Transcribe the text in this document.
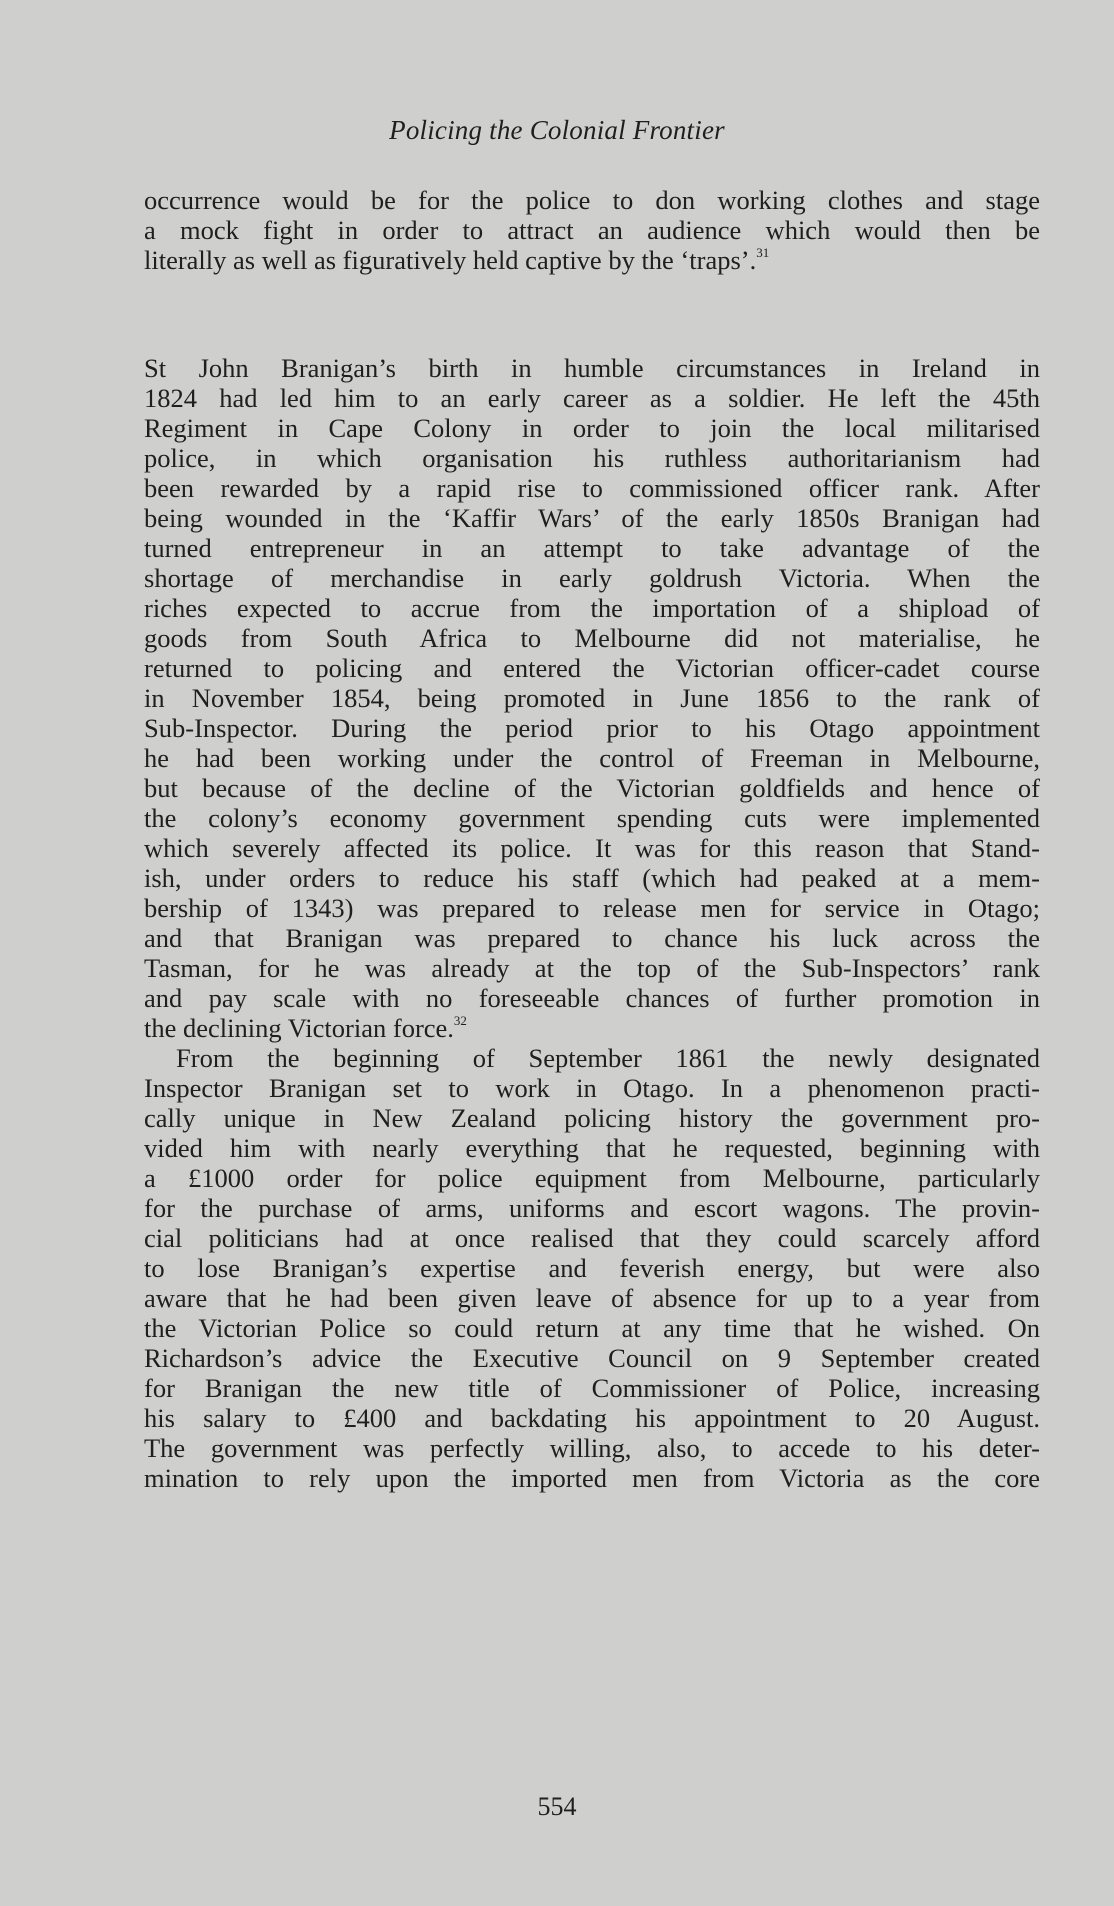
Policing the Colonial Frontier
occurrence would be for the police to don working clothes and stage
a mock fight in order to attract an audience which would then be
literally as well as figuratively held captive by the ‘traps’.$^{31}$
St John Branigan’s birth in humble circumstances in Ireland in
1824 had led him to an early career as a soldier. He left the 45th
Regiment in Cape Colony in order to join the local militarised
police, in which organisation his ruthless authoritarianism had
been rewarded by a rapid rise to commissioned officer rank. After
being wounded in the ‘Kaffir Wars’ of the early 1850s Branigan had
turned entrepreneur in an attempt to take advantage of the
shortage of merchandise in early goldrush Victoria. When the
riches expected to accrue from the importation of a shipload of
goods from South Africa to Melbourne did not materialise, he
returned to policing and entered the Victorian officer-cadet course
in November 1854, being promoted in June 1856 to the rank of
Sub-Inspector. During the period prior to his Otago appointment
he had been working under the control of Freeman in Melbourne,
but because of the decline of the Victorian goldfields and hence of
the colony’s economy government spending cuts were implemented
which severely affected its police. It was for this reason that Stand-
ish, under orders to reduce his staff (which had peaked at a mem-
bership of 1343) was prepared to release men for service in Otago;
and that Branigan was prepared to chance his luck across the
Tasman, for he was already at the top of the Sub-Inspectors’ rank
and pay scale with no foreseeable chances of further promotion in
the declining Victorian force.$^{32}$
From the beginning of September 1861 the newly designated
Inspector Branigan set to work in Otago. In a phenomenon practi-
cally unique in New Zealand policing history the government pro-
vided him with nearly everything that he requested, beginning with
a £1000 order for police equipment from Melbourne, particularly
for the purchase of arms, uniforms and escort wagons. The provin-
cial politicians had at once realised that they could scarcely afford
to lose Branigan’s expertise and feverish energy, but were also
aware that he had been given leave of absence for up to a year from
the Victorian Police so could return at any time that he wished. On
Richardson’s advice the Executive Council on 9 September created
for Branigan the new title of Commissioner of Police, increasing
his salary to £400 and backdating his appointment to 20 August.
The government was perfectly willing, also, to accede to his deter-
mination to rely upon the imported men from Victoria as the core
554
